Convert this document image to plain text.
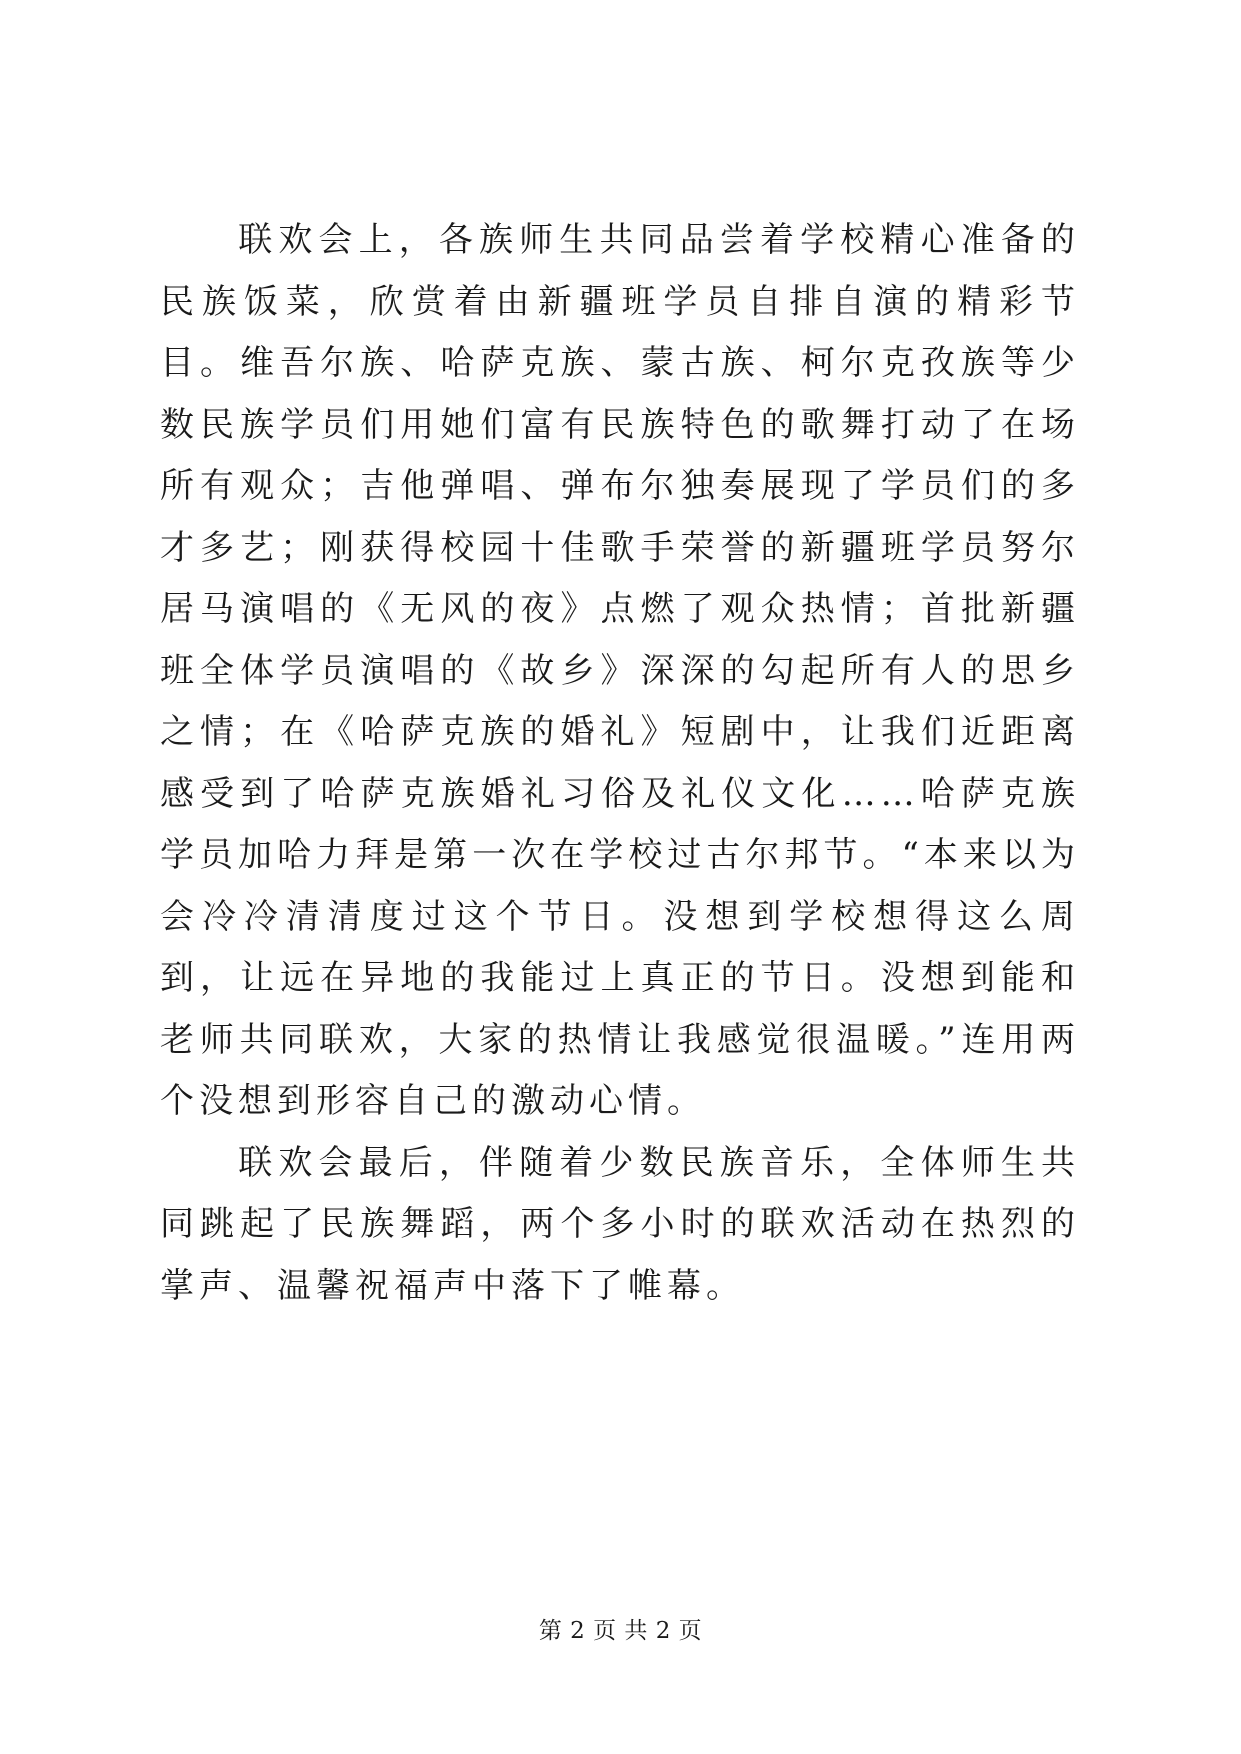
联欢会上，各族师生共同品尝着学校精心准备的民族饭菜，欣赏着由新疆班学员自排自演的精彩节目。维吾尔族、哈萨克族、蒙古族、柯尔克孜族等少数民族学员们用她们富有民族特色的歌舞打动了在场所有观众；吉他弹唱、弹布尔独奏展现了学员们的多才多艺；刚获得校园十佳歌手荣誉的新疆班学员努尔居马演唱的《无风的夜》点燃了观众热情；首批新疆班全体学员演唱的《故乡》深深的勾起所有人的思乡之情；在《哈萨克族的婚礼》短剧中，让我们近距离感受到了哈萨克族婚礼习俗及礼仪文化……哈萨克族学员加哈力拜是第一次在学校过古尔邦节。“本来以为会冷冷清清度过这个节日。没想到学校想得这么周到，让远在异地的我能过上真正的节日。没想到能和老师共同联欢，大家的热情让我感觉很温暖。”连用两个没想到形容自己的激动心情。

联欢会最后，伴随着少数民族音乐，全体师生共同跳起了民族舞蹈，两个多小时的联欢活动在热烈的掌声、温馨祝福声中落下了帷幕。

第 2 页 共 2 页
